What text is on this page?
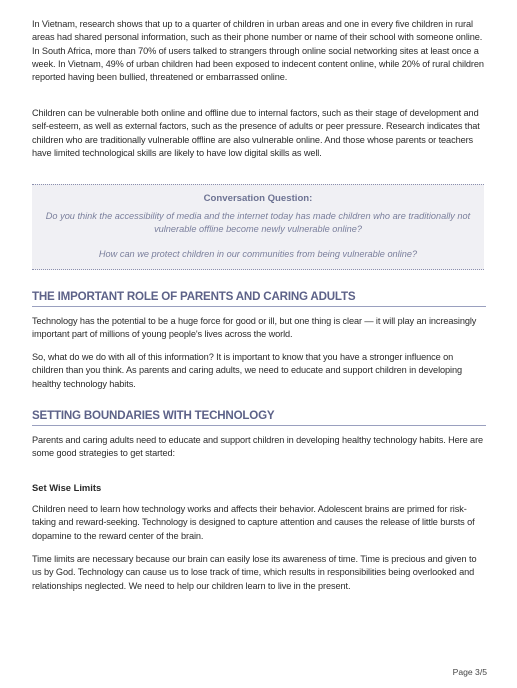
In Vietnam, research shows that up to a quarter of children in urban areas and one in every five children in rural areas had shared personal information, such as their phone number or name of their school with someone online. In South Africa, more than 70% of users talked to strangers through online social networking sites at least once a week. In Vietnam, 49% of urban children had been exposed to indecent content online, while 20% of rural children reported having been bullied, threatened or embarrassed online.

Children can be vulnerable both online and offline due to internal factors, such as their stage of development and self-esteem, as well as external factors, such as the presence of adults or peer pressure. Research indicates that children who are traditionally vulnerable offline are also vulnerable online. And those whose parents or teachers have limited technological skills are likely to have low digital skills as well.

Conversation Question:
Do you think the accessibility of media and the internet today has made children who are traditionally not vulnerable offline become newly vulnerable online?
How can we protect children in our communities from being vulnerable online?
THE IMPORTANT ROLE OF PARENTS AND CARING ADULTS

Technology has the potential to be a huge force for good or ill, but one thing is clear — it will play an increasingly important part of millions of young people's lives across the world.

So, what do we do with all of this information? It is important to know that you have a stronger influence on children than you think. As parents and caring adults, we need to educate and support children in developing healthy technology habits.

SETTING BOUNDARIES WITH TECHNOLOGY

Parents and caring adults need to educate and support children in developing healthy technology habits. Here are some good strategies to get started:

Set Wise Limits

Children need to learn how technology works and affects their behavior. Adolescent brains are primed for risk-taking and reward-seeking. Technology is designed to capture attention and causes the release of little bursts of dopamine to the reward center of the brain.

Time limits are necessary because our brain can easily lose its awareness of time. Time is precious and given to us by God. Technology can cause us to lose track of time, which results in responsibilities being overlooked and relationships neglected. We need to help our children learn to live in the present.

Page 3/5
